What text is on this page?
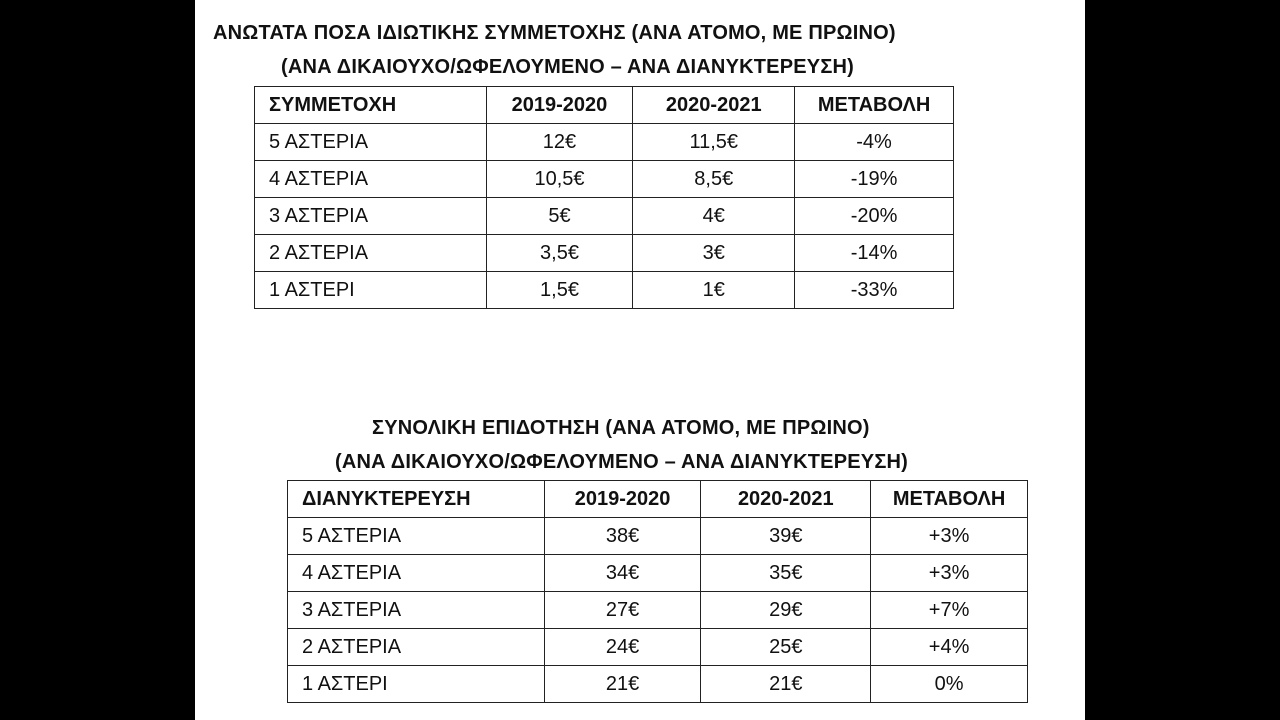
ΑΝΩΤΑΤΑ ΠΟΣΑ ΙΔΙΩΤΙΚΗΣ ΣΥΜΜΕΤΟΧΗΣ (ΑΝΑ ΑΤΟΜΟ, ΜΕ ΠΡΩΙΝΟ)
(ΑΝΑ ΔΙΚΑΙΟΥΧΟ/ΩΦΕΛΟΥΜΕΝΟ – ΑΝΑ ΔΙΑΝΥΚΤΕΡΕΥΣΗ)
ΣΥΜΜΕΤΟΧΗ	2019-2020	2020-2021	ΜΕΤΑΒΟΛΗ
5 ΑΣΤΕΡΙΑ	12€	11,5€	-4%
4 ΑΣΤΕΡΙΑ	10,5€	8,5€	-19%
3 ΑΣΤΕΡΙΑ	5€	4€	-20%
2 ΑΣΤΕΡΙΑ	3,5€	3€	-14%
1 ΑΣΤΕΡΙ	1,5€	1€	-33%
ΣΥΝΟΛΙΚΗ ΕΠΙΔΟΤΗΣΗ (ΑΝΑ ΑΤΟΜΟ, ΜΕ ΠΡΩΙΝΟ)
(ΑΝΑ ΔΙΚΑΙΟΥΧΟ/ΩΦΕΛΟΥΜΕΝΟ – ΑΝΑ ΔΙΑΝΥΚΤΕΡΕΥΣΗ)
ΔΙΑΝΥΚΤΕΡΕΥΣΗ	2019-2020	2020-2021	ΜΕΤΑΒΟΛΗ
5 ΑΣΤΕΡΙΑ	38€	39€	+3%
4 ΑΣΤΕΡΙΑ	34€	35€	+3%
3 ΑΣΤΕΡΙΑ	27€	29€	+7%
2 ΑΣΤΕΡΙΑ	24€	25€	+4%
1 ΑΣΤΕΡΙ	21€	21€	0%
